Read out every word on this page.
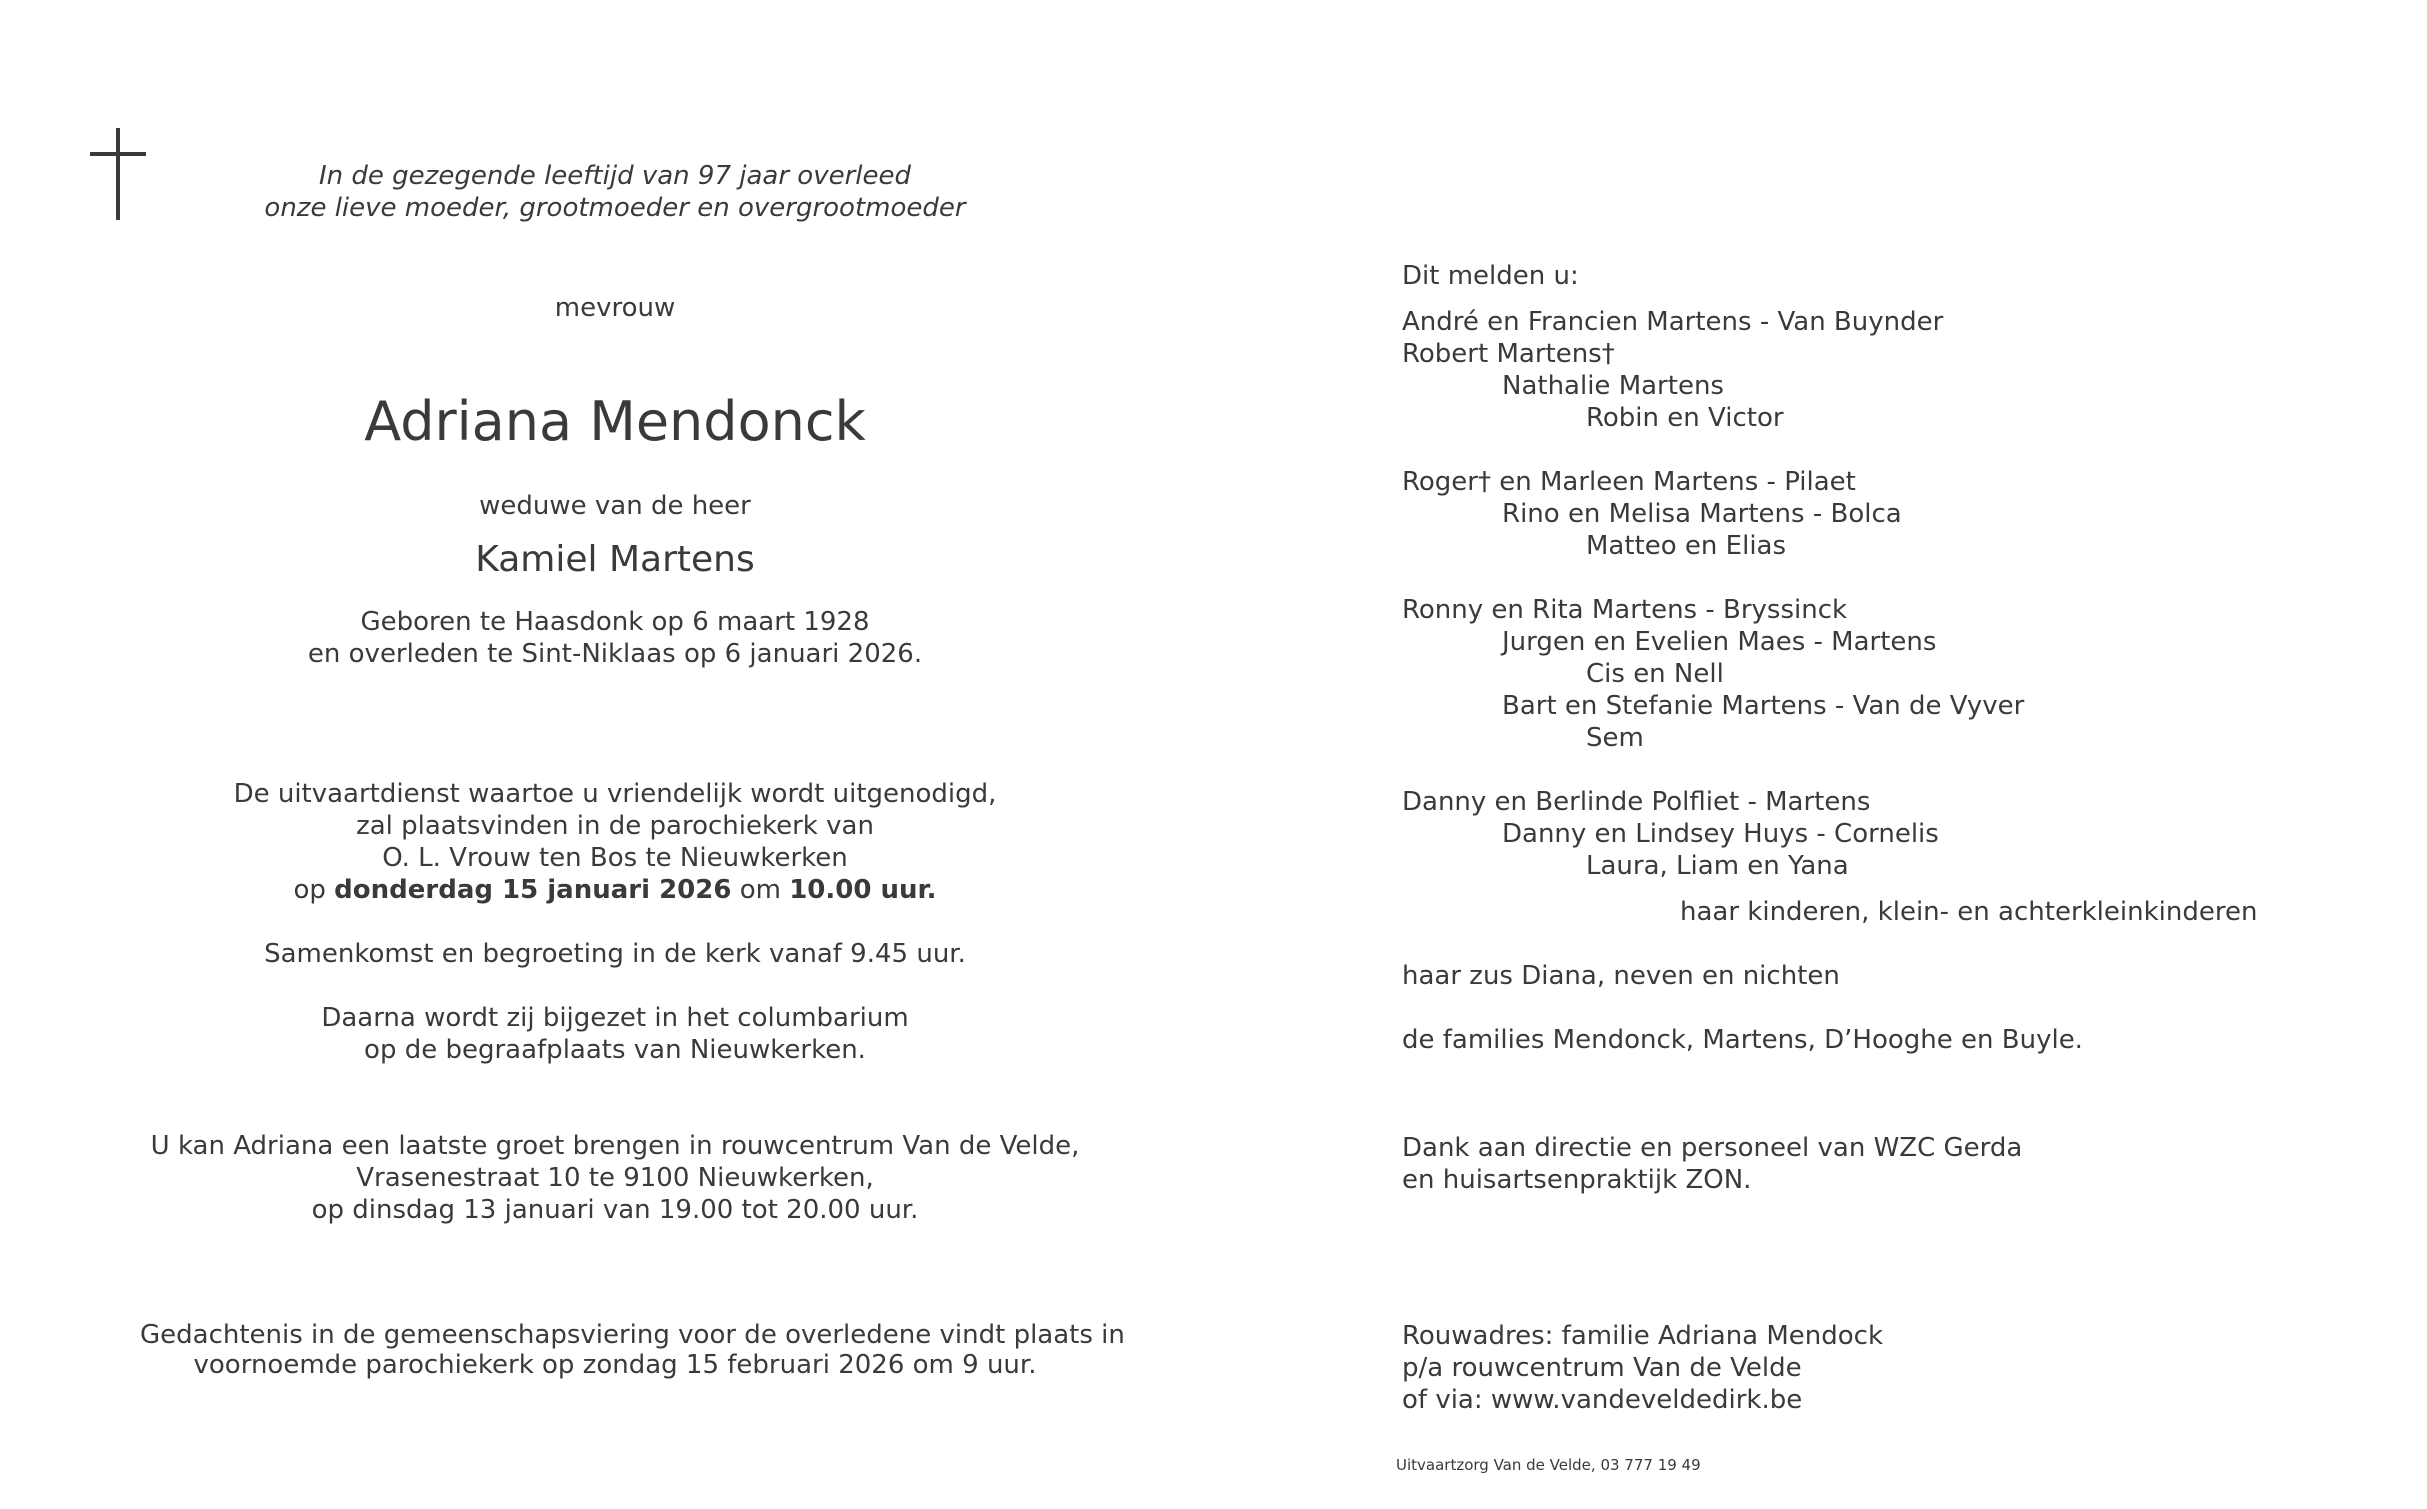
In de gezegende leeftijd van 97 jaar overleed
onze lieve moeder, grootmoeder en overgrootmoeder
mevrouw
Adriana Mendonck
weduwe van de heer
Kamiel Martens
Geboren te Haasdonk op 6 maart 1928
en overleden te Sint-Niklaas op 6 januari 2026.
De uitvaartdienst waartoe u vriendelijk wordt uitgenodigd,
zal plaatsvinden in de parochiekerk van
O. L. Vrouw ten Bos te Nieuwkerken
op donderdag 15 januari 2026 om 10.00 uur.
Samenkomst en begroeting in de kerk vanaf 9.45 uur.
Daarna wordt zij bijgezet in het columbarium
op de begraafplaats van Nieuwkerken.
U kan Adriana een laatste groet brengen in rouwcentrum Van de Velde,
Vrasenestraat 10 te 9100 Nieuwkerken,
op dinsdag 13 januari van 19.00 tot 20.00 uur.
Gedachtenis in de gemeenschapsviering voor de overledene vindt plaats in
voornoemde parochiekerk op zondag 15 februari 2026 om 9 uur.
Dit melden u:
André en Francien Martens - Van Buynder
Robert Martens†
Nathalie Martens
Robin en Victor
Roger† en Marleen Martens - Pilaet
Rino en Melisa Martens - Bolca
Matteo en Elias
Ronny en Rita Martens - Bryssinck
Jurgen en Evelien Maes - Martens
Cis en Nell
Bart en Stefanie Martens - Van de Vyver
Sem
Danny en Berlinde Polfliet - Martens
Danny en Lindsey Huys - Cornelis
Laura, Liam en Yana
haar kinderen, klein- en achterkleinkinderen
haar zus Diana, neven en nichten
de families Mendonck, Martens, D’Hooghe en Buyle.
Dank aan directie en personeel van WZC Gerda
en huisartsenpraktijk ZON.
Rouwadres: familie Adriana Mendock
p/a rouwcentrum Van de Velde
of via: www.vandeveldedirk.be
Uitvaartzorg Van de Velde, 03 777 19 49
